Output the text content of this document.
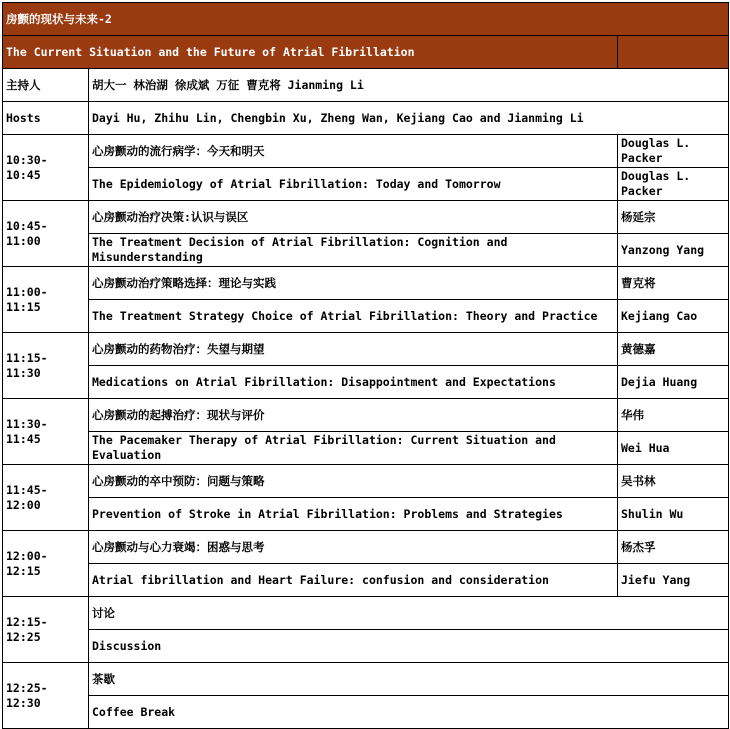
房颤的现状与未来-2		
The Current Situation and the Future of Atrial Fibrillation		
主持人	胡大一 林治湖 徐成斌 万征 曹克将 Jianming Li	
Hosts	Dayi Hu, Zhihu Lin, Chengbin Xu, Zheng Wan, Kejiang Cao and Jianming Li	
10:30-
10:45	心房颤动的流行病学：今天和明天	Douglas L. Packer
	The Epidemiology of Atrial Fibrillation: Today and Tomorrow	Douglas L. Packer
10:45-
11:00	心房颤动治疗决策:认识与误区	杨延宗
	The Treatment Decision of Atrial Fibrillation: Cognition and Misunderstanding	Yanzong Yang
11:00-
11:15	心房颤动治疗策略选择：理论与实践	曹克将
	The Treatment Strategy Choice of Atrial Fibrillation: Theory and Practice	Kejiang Cao
11:15-
11:30	心房颤动的药物治疗：失望与期望	黄德嘉
	Medications on Atrial Fibrillation: Disappointment and Expectations	Dejia Huang
11:30-
11:45	心房颤动的起搏治疗：现状与评价	华伟
	The Pacemaker Therapy of Atrial Fibrillation: Current Situation and Evaluation	Wei Hua
11:45-
12:00	心房颤动的卒中预防：问题与策略	吴书林
	Prevention of Stroke in Atrial Fibrillation: Problems and Strategies	Shulin Wu
12:00-
12:15	心房颤动与心力衰竭：困惑与思考	杨杰孚
	Atrial fibrillation and Heart Failure: confusion and consideration	Jiefu Yang
12:15-
12:25	讨论	
	Discussion	
12:25-
12:30	茶歇	
	Coffee Break	
